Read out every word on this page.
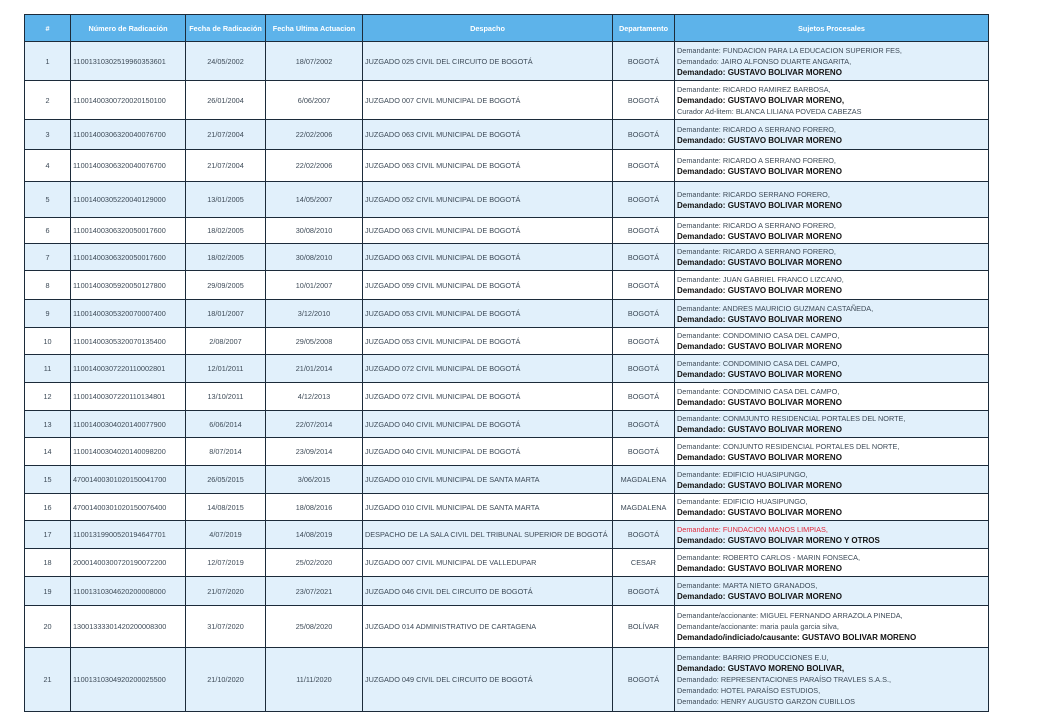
#	Número de Radicación	Fecha de Radicación	Fecha Ultima Actuacion	Despacho	Departamento	Sujetos Procesales
1	11001310302519960353601	24/05/2002	18/07/2002	JUZGADO 025 CIVIL DEL CIRCUITO DE BOGOTÁ	BOGOTÁ	Demandante: FUNDACION PARA LA EDUCACION SUPERIOR FES,
Demandado: JAIRO ALFONSO DUARTE ANGARITA,
Demandado: GUSTAVO BOLIVAR MORENO

2	11001400300720020150100	26/01/2004	6/06/2007	JUZGADO 007 CIVIL MUNICIPAL DE BOGOTÁ	BOGOTÁ	Demandante: RICARDO RAMIREZ BARBOSA,
Demandado: GUSTAVO BOLIVAR MORENO,
Curador Ad-litem: BLANCA LILIANA POVEDA CABEZAS

3	11001400306320040076700	21/07/2004	22/02/2006	JUZGADO 063 CIVIL MUNICIPAL DE BOGOTÁ	BOGOTÁ	Demandante: RICARDO A SERRANO FORERO,
Demandado: GUSTAVO BOLIVAR MORENO

4	11001400306320040076700	21/07/2004	22/02/2006	JUZGADO 063 CIVIL MUNICIPAL DE BOGOTÁ	BOGOTÁ	Demandante: RICARDO A SERRANO FORERO,
Demandado: GUSTAVO BOLIVAR MORENO

5	11001400305220040129000	13/01/2005	14/05/2007	JUZGADO 052 CIVIL MUNICIPAL DE BOGOTÁ	BOGOTÁ	Demandante: RICARDO SERRANO FORERO,
Demandado: GUSTAVO BOLIVAR MORENO

6	11001400306320050017600	18/02/2005	30/08/2010	JUZGADO 063 CIVIL MUNICIPAL DE BOGOTÁ	BOGOTÁ	Demandante: RICARDO A SERRANO FORERO,
Demandado: GUSTAVO BOLIVAR MORENO

7	11001400306320050017600	18/02/2005	30/08/2010	JUZGADO 063 CIVIL MUNICIPAL DE BOGOTÁ	BOGOTÁ	Demandante: RICARDO A SERRANO FORERO,
Demandado: GUSTAVO BOLIVAR MORENO

8	11001400305920050127800	29/09/2005	10/01/2007	JUZGADO 059 CIVIL MUNICIPAL DE BOGOTÁ	BOGOTÁ	Demandante: JUAN GABRIEL FRANCO LIZCANO,
Demandado: GUSTAVO BOLIVAR MORENO

9	11001400305320070007400	18/01/2007	3/12/2010	JUZGADO 053 CIVIL MUNICIPAL DE BOGOTÁ	BOGOTÁ	Demandante: ANDRES MAURICIO GUZMAN CASTAÑEDA,
Demandado: GUSTAVO BOLIVAR MORENO

10	11001400305320070135400	2/08/2007	29/05/2008	JUZGADO 053 CIVIL MUNICIPAL DE BOGOTÁ	BOGOTÁ	Demandante: CONDOMINIO CASA DEL CAMPO,
Demandado: GUSTAVO BOLIVAR MORENO

11	11001400307220110002801	12/01/2011	21/01/2014	JUZGADO 072 CIVIL MUNICIPAL DE BOGOTÁ	BOGOTÁ	Demandante: CONDOMINIO CASA DEL CAMPO,
Demandado: GUSTAVO BOLIVAR MORENO

12	11001400307220110134801	13/10/2011	4/12/2013	JUZGADO 072 CIVIL MUNICIPAL DE BOGOTÁ	BOGOTÁ	Demandante: CONDOMINIO CASA DEL CAMPO,
Demandado: GUSTAVO BOLIVAR MORENO

13	11001400304020140077900	6/06/2014	22/07/2014	JUZGADO 040 CIVIL MUNICIPAL DE BOGOTÁ	BOGOTÁ	Demandante: CONMJUNTO RESIDENCIAL PORTALES DEL NORTE,
Demandado: GUSTAVO BOLIVAR MORENO

14	11001400304020140098200	8/07/2014	23/09/2014	JUZGADO 040 CIVIL MUNICIPAL DE BOGOTÁ	BOGOTÁ	Demandante: CONJUNTO RESIDENCIAL PORTALES DEL NORTE,
Demandado: GUSTAVO BOLIVAR MORENO

15	47001400301020150041700	26/05/2015	3/06/2015	JUZGADO 010 CIVIL MUNICIPAL DE SANTA MARTA	MAGDALENA	Demandante: EDIFICIO HUASIPUNGO,
Demandado: GUSTAVO BOLIVAR MORENO

16	47001400301020150076400	14/08/2015	18/08/2016	JUZGADO 010 CIVIL MUNICIPAL DE SANTA MARTA	MAGDALENA	Demandante: EDIFICIO HUASIPUNGO,
Demandado: GUSTAVO BOLIVAR MORENO

17	11001319900520194647701	4/07/2019	14/08/2019	DESPACHO DE LA SALA CIVIL DEL TRIBUNAL SUPERIOR DE BOGOTÁ	BOGOTÁ	Demandante: FUNDACION MANOS LIMPIAS,
Demandado: GUSTAVO BOLIVAR MORENO Y OTROS

18	20001400300720190072200	12/07/2019	25/02/2020	JUZGADO 007 CIVIL MUNICIPAL DE VALLEDUPAR	CESAR	Demandante: ROBERTO CARLOS - MARIN FONSECA,
Demandado: GUSTAVO BOLIVAR MORENO

19	11001310304620200008000	21/07/2020	23/07/2021	JUZGADO 046 CIVIL DEL CIRCUITO DE BOGOTÁ	BOGOTÁ	Demandante: MARTA NIETO GRANADOS,
Demandado: GUSTAVO BOLIVAR MORENO

20	13001333301420200008300	31/07/2020	25/08/2020	JUZGADO 014 ADMINISTRATIVO DE CARTAGENA	BOLÍVAR	Demandante/accionante: MIGUEL FERNANDO ARRAZOLA PINEDA,
Demandante/accionante: maria paula garcia silva,
Demandado/indiciado/causante: GUSTAVO BOLIVAR MORENO

21	11001310304920200025500	21/10/2020	11/11/2020	JUZGADO 049 CIVIL DEL CIRCUITO DE BOGOTÁ	BOGOTÁ	Demandante: BARRIO PRODUCCIONES E.U,
Demandado: GUSTAVO MORENO BOLIVAR,
Demandado: REPRESENTACIONES PARAÍSO TRAVLES S.A.S.,
Demandado: HOTEL PARAÍSO ESTUDIOS,
Demandado: HENRY AUGUSTO GARZON CUBILLOS
